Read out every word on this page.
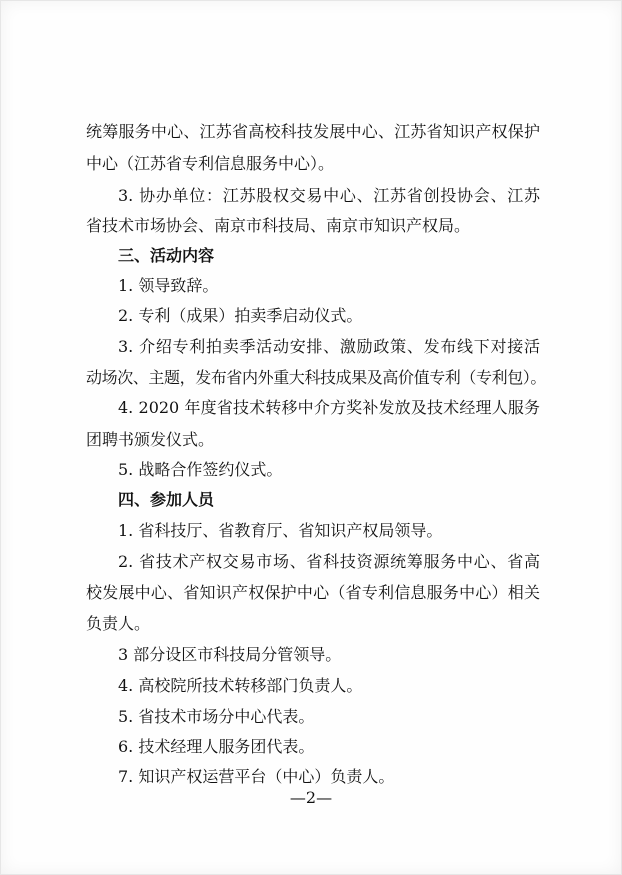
统筹服务中心、江苏省高校科技发展中心、江苏省知识产权保护
中心（江苏省专利信息服务中心）。
3. 协办单位：江苏股权交易中心、江苏省创投协会、江苏
省技术市场协会、南京市科技局、南京市知识产权局。
三、活动内容
1. 领导致辞。
2. 专利（成果）拍卖季启动仪式。
3. 介绍专利拍卖季活动安排、激励政策、发布线下对接活
动场次、主题，发布省内外重大科技成果及高价值专利（专利包）。
4. 2020 年度省技术转移中介方奖补发放及技术经理人服务
团聘书颁发仪式。
5. 战略合作签约仪式。
四、参加人员
1. 省科技厅、省教育厅、省知识产权局领导。
2. 省技术产权交易市场、省科技资源统筹服务中心、省高
校发展中心、省知识产权保护中心（省专利信息服务中心）相关
负责人。
3 部分设区市科技局分管领导。
4. 高校院所技术转移部门负责人。
5. 省技术市场分中心代表。
6. 技术经理人服务团代表。
7. 知识产权运营平台（中心）负责人。
—2—
